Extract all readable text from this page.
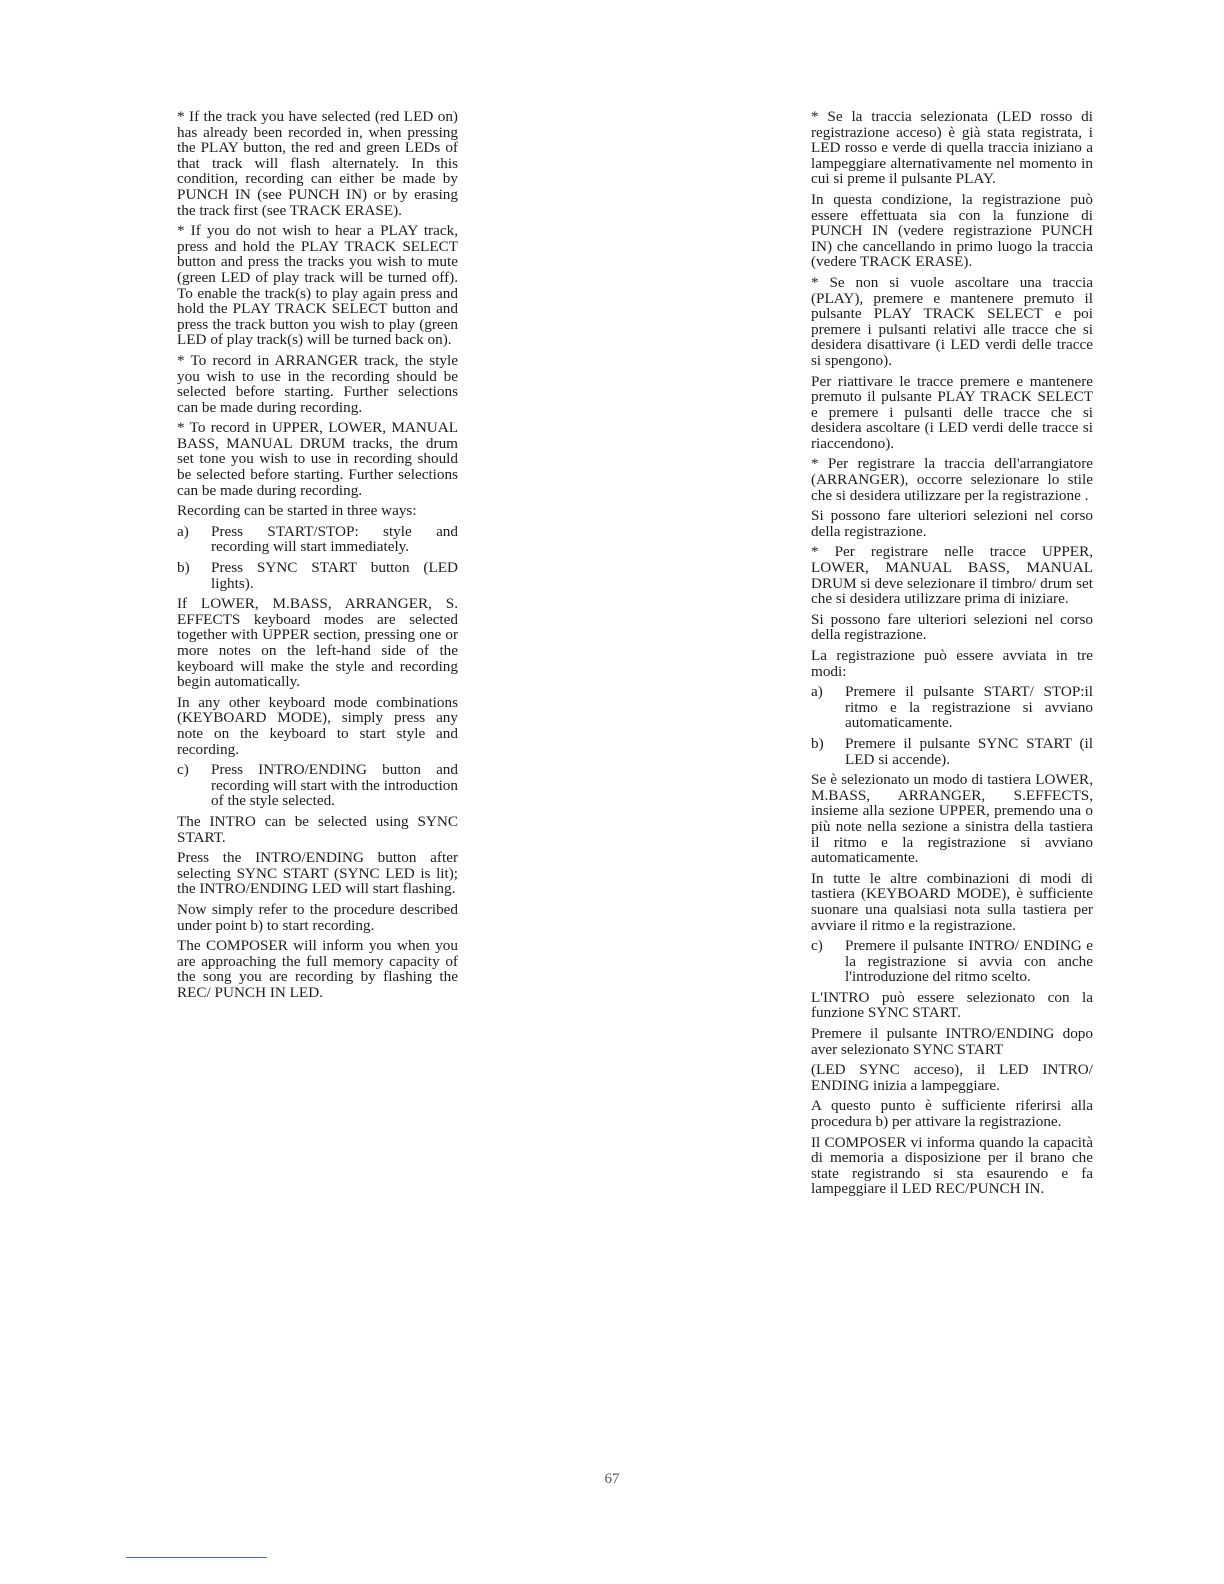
* If the track you have selected (red LED on) has already been recorded in, when pressing the PLAY button, the red and green LEDs of that track will flash alternately. In this condition, recording can either be made by PUNCH IN (see PUNCH IN) or by erasing the track first (see TRACK ERASE).

* If you do not wish to hear a PLAY track, press and hold the PLAY TRACK SELECT button and press the tracks you wish to mute (green LED of play track will be turned off). To enable the track(s) to play again press and hold the PLAY TRACK SELECT button and press the track button you wish to play (green LED of play track(s) will be turned back on).

* To record in ARRANGER track, the style you wish to use in the recording should be selected before starting. Further selections can be made during recording.

* To record in UPPER, LOWER, MANUAL BASS, MANUAL DRUM tracks, the drum set tone you wish to use in recording should be selected before starting. Further selections can be made during recording.

Recording can be started in three ways:

a)	Press START/STOP: style and recording will start immediately.
b)	Press SYNC START button (LED lights).

If LOWER, M.BASS, ARRANGER, S. EFFECTS keyboard modes are selected together with UPPER section, pressing one or more notes on the left-hand side of the keyboard will make the style and recording begin automatically.

In any other keyboard mode combinations (KEYBOARD MODE), simply press any note on the keyboard to start style and recording.

c)	Press INTRO/ENDING button and recording will start with the introduction of the style selected.

The INTRO can be selected using SYNC START.

Press the INTRO/ENDING button after selecting SYNC START (SYNC LED is lit); the INTRO/ENDING LED will start flashing.

Now simply refer to the procedure described under point b) to start recording.

The COMPOSER will inform you when you are approaching the full memory capacity of the song you are recording by flashing the REC/ PUNCH IN LED.

* Se la traccia selezionata (LED rosso di registrazione acceso) è già stata registrata, i LED rosso e verde di quella traccia iniziano a lampeggiare alternativamente nel momento in cui si preme il pulsante PLAY.

In questa condizione, la registrazione può essere effettuata sia con la funzione di PUNCH IN (vedere registrazione PUNCH IN) che cancellando in primo luogo la traccia (vedere TRACK ERASE).

* Se non si vuole ascoltare una traccia (PLAY), premere e mantenere premuto il pulsante PLAY TRACK SELECT e poi premere i pulsanti relativi alle tracce che si desidera disattivare (i LED verdi delle tracce si spengono).

Per riattivare le tracce premere e mantenere premuto il pulsante PLAY TRACK SELECT e premere i pulsanti delle tracce che si desidera ascoltare (i LED verdi delle tracce si riaccendono).

* Per registrare la traccia dell'arrangiatore (ARRANGER), occorre selezionare lo stile che si desidera utilizzare per la registrazione .

Si possono fare ulteriori selezioni nel corso della registrazione.

* Per registrare nelle tracce UPPER, LOWER, MANUAL BASS, MANUAL DRUM si deve selezionare il timbro/ drum set che si desidera utilizzare prima di iniziare.

Si possono fare ulteriori selezioni nel corso della registrazione.

La registrazione può essere avviata in tre modi:

a)	Premere il pulsante START/ STOP:il ritmo e la registrazione si avviano automaticamente.
b)	Premere il pulsante SYNC START (il LED si accende).

Se è selezionato un modo di tastiera LOWER, M.BASS, ARRANGER, S.EFFECTS, insieme alla sezione UPPER, premendo una o più note nella sezione a sinistra della tastiera il ritmo e la registrazione si avviano automaticamente.

In tutte le altre combinazioni di modi di tastiera (KEYBOARD MODE), è sufficiente suonare una qualsiasi nota sulla tastiera per avviare il ritmo e la registrazione.

c)	Premere il pulsante INTRO/ ENDING e la registrazione si avvia con anche l'introduzione del ritmo scelto.

L'INTRO può essere selezionato con la funzione SYNC START.

Premere il pulsante INTRO/ENDING dopo aver selezionato SYNC START

(LED SYNC acceso), il LED INTRO/ ENDING inizia a lampeggiare.

A questo punto è sufficiente riferirsi alla procedura b) per attivare la registrazione.

Il COMPOSER vi informa quando la capacità di memoria a disposizione per il brano che state registrando si sta esaurendo e fa lampeggiare il LED REC/PUNCH IN.

67
